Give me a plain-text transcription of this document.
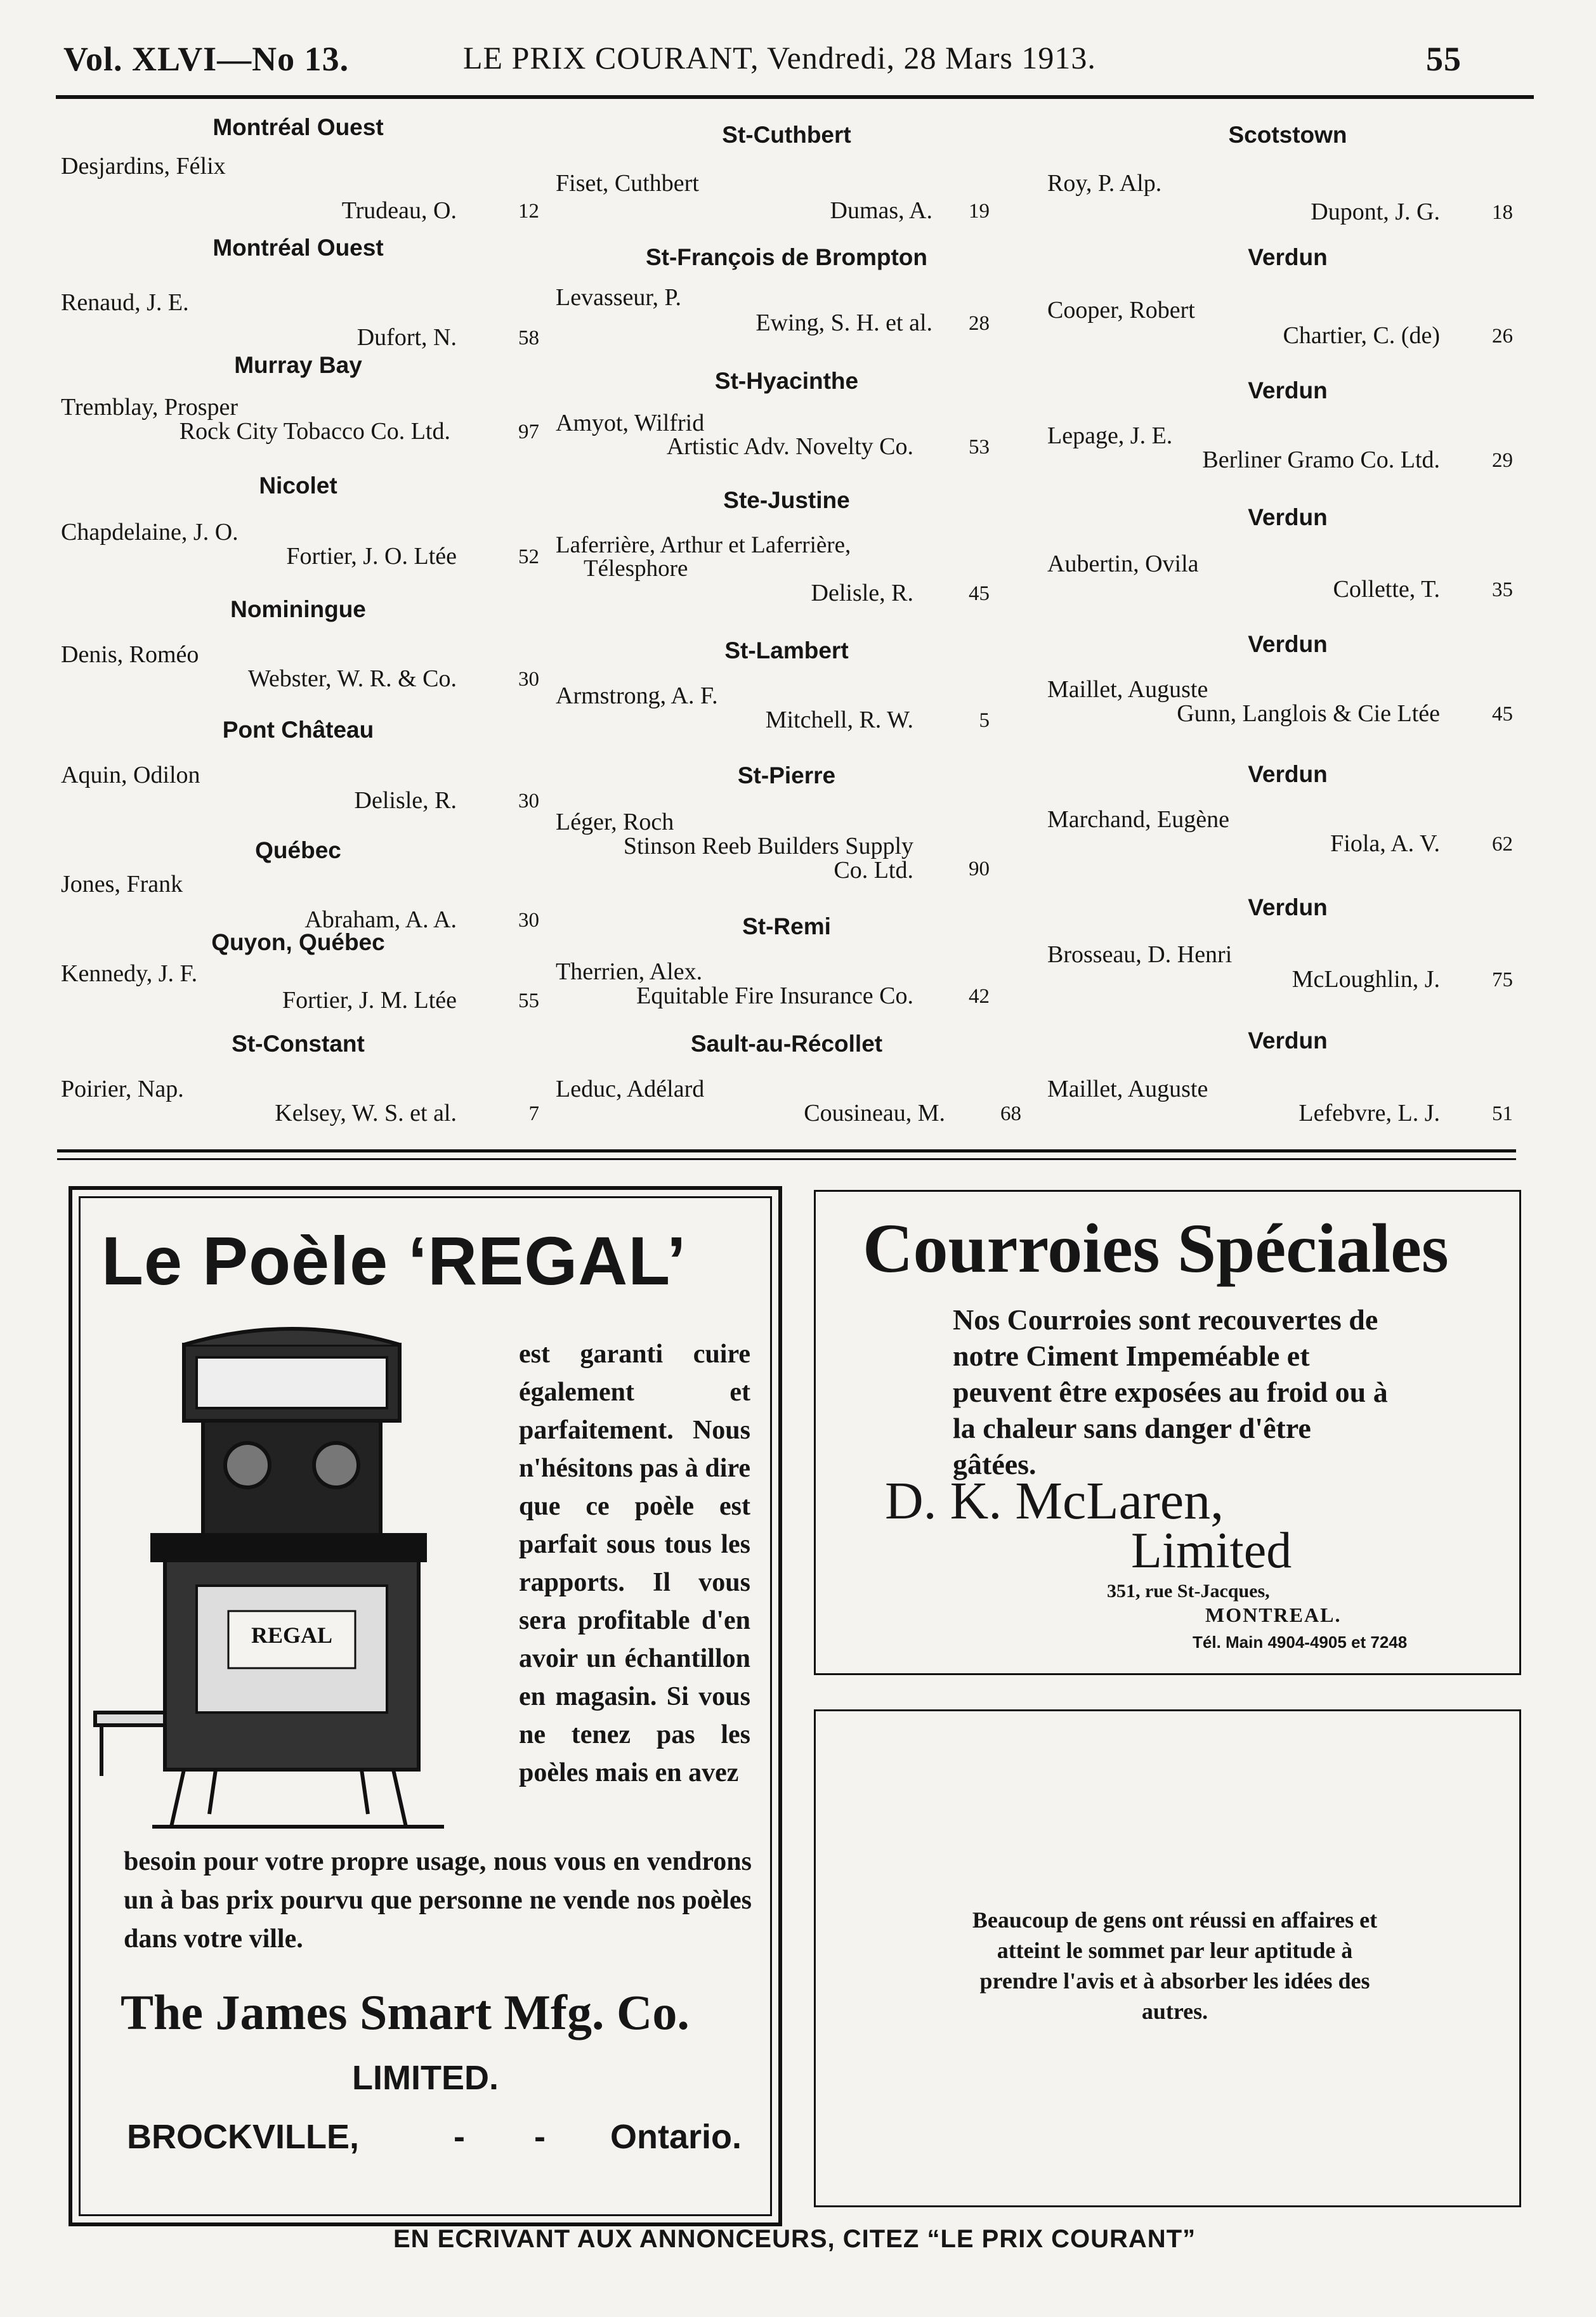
Vol. XLVI—No 13.	LE PRIX COURANT, Vendredi, 28 Mars 1913.	55
Montréal Ouest
Desjardins, Félix
Trudeau, O.	12
Montréal Ouest
Renaud, J. E.
Dufort, N.	58
Murray Bay
Tremblay, Prosper
Rock City Tobacco Co. Ltd.	97
Nicolet
Chapdelaine, J. O.
Fortier, J. O. Ltée	52
Nominingue
Denis, Roméo
Webster, W. R. & Co.	30
Pont Château
Aquin, Odilon
Delisle, R.	30
Québec
Jones, Frank
Abraham, A. A.	30
Quyon, Québec
Kennedy, J. F.
Fortier, J. M. Ltée	55
St-Constant
Poirier, Nap.
Kelsey, W. S. et al.	7
St-Cuthbert
Fiset, Cuthbert
Dumas, A.	19
St-François de Brompton
Levasseur, P.
Ewing, S. H. et al.	28
St-Hyacinthe
Amyot, Wilfrid
Artistic Adv. Novelty Co.	53
Ste-Justine
Laferrière, Arthur et Laferrière,
Télesphore
Delisle, R.	45
St-Lambert
Armstrong, A. F.
Mitchell, R. W.	5
St-Pierre
Léger, Roch
Stinson Reeb Builders Supply
Co. Ltd.	90
St-Remi
Therrien, Alex.
Equitable Fire Insurance Co.	42
Sault-au-Récollet
Leduc, Adélard
Cousineau, M.	68
Scotstown
Roy, P. Alp.
Dupont, J. G.	18
Verdun
Cooper, Robert
Chartier, C. (de)	26
Verdun
Lepage, J. E.
Berliner Gramo Co. Ltd.	29
Verdun
Aubertin, Ovila
Collette, T.	35
Verdun
Maillet, Auguste
Gunn, Langlois & Cie Ltée	45
Verdun
Marchand, Eugène
Fiola, A. V.	62
Verdun
Brosseau, D. Henri
McLoughlin, J.	75
Verdun
Maillet, Auguste
Lefebvre, L. J.	51
Le Poèle ‘REGAL’
REGAL
est garanti cuire également et parfaitement. Nous n'hésitons pas à dire que ce poèle est parfait sous tous les rapports. Il vous sera profitable d'en avoir un échantillon en magasin. Si vous ne tenez pas les poèles mais en avez
besoin pour votre propre usage, nous vous en vendrons un à bas prix pourvu que personne ne vende nos poèles dans votre ville.
The James Smart Mfg. Co.
LIMITED.
BROCKVILLE,	- - Ontario.
Courroies Spéciales
Nos Courroies sont recouvertes de notre Ciment Impeméable et peuvent être exposées au froid ou à la chaleur sans danger d'être gâtées.
D. K. McLaren,
Limited
351, rue St-Jacques,
MONTREAL.
Tél. Main 4904-4905 et 7248
Beaucoup de gens ont réussi en affaires et atteint le sommet par leur aptitude à prendre l'avis et à absorber les idées des autres.
EN ECRIVANT AUX ANNONCEURS, CITEZ “LE PRIX COURANT”
